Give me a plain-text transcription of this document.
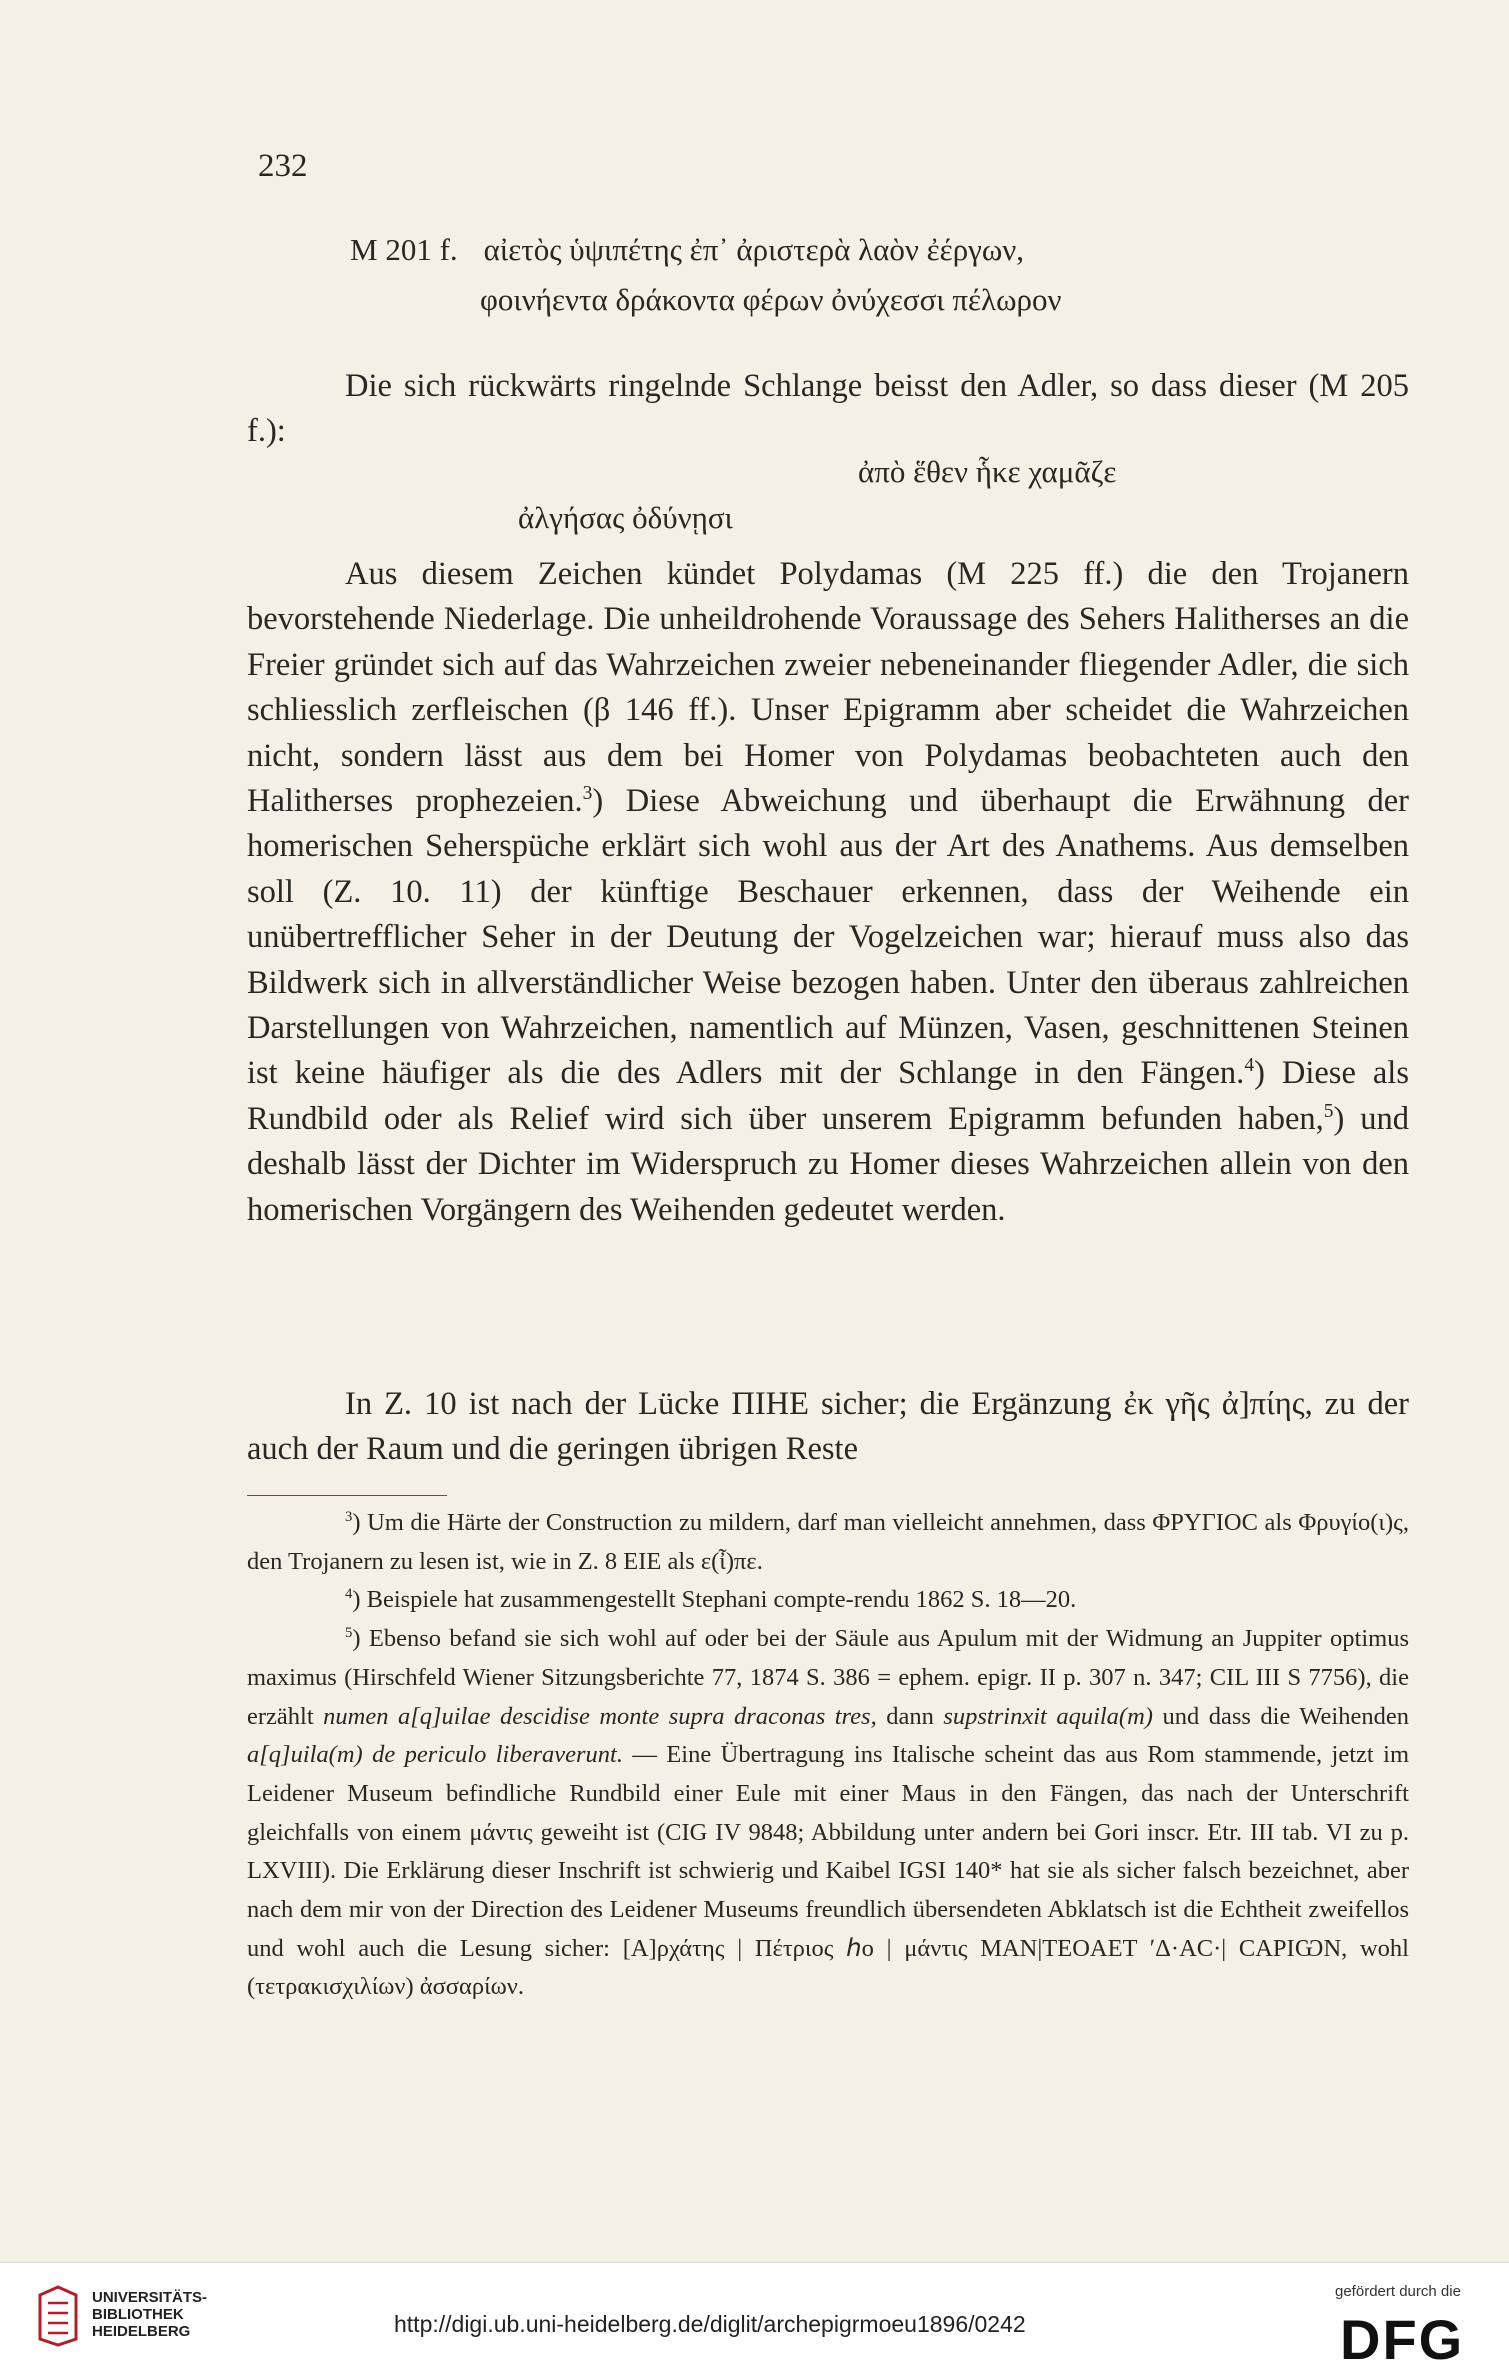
232
M 201 f. αἰετὸς ὑψιπέτης ἐπ᾽ ἀριστερὰ λαὸν ἐέργων,
φοινήεντα δράκοντα φέρων ὀνύχεσσι πέλωρον

Die sich rückwärts ringelnde Schlange beisst den Adler, so dass dieser (M 205 f.):

ἀπὸ ἕθεν ἧκε χαμᾶζε
ἀλγήσας ὀδύνῃσι

Aus diesem Zeichen kündet Polydamas (M 225 ff.) die den Trojanern bevorstehende Niederlage. Die unheildrohende Voraussage des Sehers Halitherses an die Freier gründet sich auf das Wahrzeichen zweier nebeneinander fliegender Adler, die sich schliesslich zerfleischen (β 146 ff.). Unser Epigramm aber scheidet die Wahrzeichen nicht, sondern lässt aus dem bei Homer von Polydamas beobachteten auch den Halitherses prophezeien.$^3$) Diese Abweichung und überhaupt die Erwähnung der homerischen Seherspüche erklärt sich wohl aus der Art des Anathems. Aus demselben soll (Z. 10. 11) der künftige Beschauer erkennen, dass der Weihende ein unübertrefflicher Seher in der Deutung der Vogelzeichen war; hierauf muss also das Bildwerk sich in allverständlicher Weise bezogen haben. Unter den überaus zahlreichen Darstellungen von Wahrzeichen, namentlich auf Münzen, Vasen, geschnittenen Steinen ist keine häufiger als die des Adlers mit der Schlange in den Fängen.$^4$) Diese als Rundbild oder als Relief wird sich über unserem Epigramm befunden haben,$^5$) und deshalb lässt der Dichter im Widerspruch zu Homer dieses Wahrzeichen allein von den homerischen Vorgängern des Weihenden gedeutet werden.

In Z. 10 ist nach der Lücke ΠΙΗΕ sicher; die Ergänzung ἐκ γῆς ἀ]πίης, zu der auch der Raum und die geringen übrigen Reste

$^3$) Um die Härte der Construction zu mildern, darf man vielleicht annehmen, dass ΦΡΥΓΙΟC als Φρυγίο(ι)ς, den Trojanern zu lesen ist, wie in Z. 8 ΕΙΕ als ε(ἶ)πε.

$^4$) Beispiele hat zusammengestellt Stephani compte-rendu 1862 S. 18—20.

$^5$) Ebenso befand sie sich wohl auf oder bei der Säule aus Apulum mit der Widmung an Juppiter optimus maximus (Hirschfeld Wiener Sitzungsberichte 77, 1874 S. 386 = ephem. epigr. II p. 307 n. 347; CIL III S 7756), die erzählt numen a[q]uilae descidise monte supra draconas tres, dann supstrinxit aquila(m) und dass die Weihenden a[q]uila(m) de periculo liberaverunt. — Eine Übertragung ins Italische scheint das aus Rom stammende, jetzt im Leidener Museum befindliche Rundbild einer Eule mit einer Maus in den Fängen, das nach der Unterschrift gleichfalls von einem μάντις geweiht ist (CIG IV 9848; Abbildung unter andern bei Gori inscr. Etr. III tab. VI zu p. LXVIII). Die Erklärung dieser Inschrift ist schwierig und Kaibel IGSI 140* hat sie als sicher falsch bezeichnet, aber nach dem mir von der Direction des Leidener Museums freundlich übersendeten Abklatsch ist die Echtheit zweifellos und wohl auch die Lesung sicher: [Α]ρχάτης | Πέτριος ℎo | μάντις MAN|TEOAET ʹΔ·AC·| CAPIѠN, wohl (τετρακισχιλίων) ἀσσαρίων.

UNIVERSITÄTS-
BIBLIOTHEK
HEIDELBERG	http://digi.ub.uni-heidelberg.de/diglit/archepigrmoeu1896/0242
gefördert durch die
DFG
